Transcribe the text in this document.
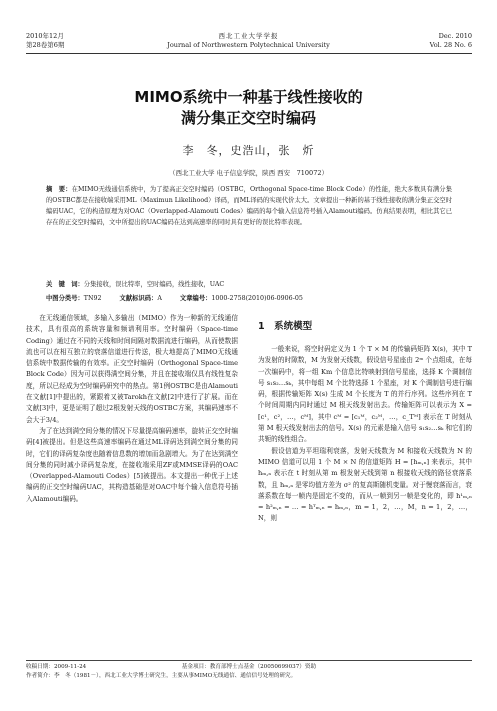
2010年12月
第28卷第6期
西北工业大学学报
Journal of Northwestern Polytechnical University
Dec. 2010
Vol. 28 No. 6
MIMO系统中一种基于线性接收的
满分集正交空时编码
李　冬，史浩山，张　炘
（西北工业大学 电子信息学院，陕西 西安　710072）
摘　要：在MIMO无线通信系统中，为了提高正交空时编码（OSTBC，Orthogonal Space-time Block Code）的性能，绝大多数具有满分集的OSTBC都是在接收端采用ML（Maximun Likelihood）译码，而ML译码的实现代价太大。文章提出一种新的基于线性接收的满分集正交空时编码UAC，它的构造原理为对OAC（Overlapped-Alamouti Codes）编码的每个输入信息符号插入Alamouti编码。仿真结果表明，相比其它已存在的正交空时编码，文中所提出的UAC编码在达到高速率的同时具有更好的误比特率表现。
关　键　词：分集接收，误比特率，空时编码，线性接收，UAC
中图分类号：TN92	文献标识码：A	文章编号：1000-2758(2010)06-0906-05

在无线通信领域，多输入多输出（MIMO）作为一种新的无线通信技术，具有很高的系统容量和频谱利用率。空时编码（Space-time Coding）通过在不同的天线和时间间隔对数据流进行编码，从而使数据流也可以在相互独立的衰落信道进行传送，极大地提高了MIMO无线通信系统中数据传输的有效率。正交空时编码（Orthogonal Space-time Block Code）因为可以获得满空间分集，并且在接收端仅具有线性复杂度，所以已经成为空时编码研究中的热点。第1例OSTBC是由Alamouti在文献[1]中提出的，紧跟着又被Tarokh在文献[2]中进行了扩展。而在文献[3]中，更是证明了超过2根发射天线的OSTBC方案，其编码速率不会大于3/4。

为了在达到满空间分集的情况下尽量提高编码速率，旋转正交空时编码[4]被提出。但是这些高速率编码在通过ML译码达到满空间分集的同时，它们的译码复杂度也随着信息数的增加而急剧增大。为了在达到满空间分集的同时减小译码复杂度，在接收端采用ZF或MMSE译码的OAC（Overlapped-Alamouti Codes）[5]被提出。本文提出一种优于上述编码的正交空时编码UAC，其构造基础是对OAC中每个输入信息符号插入Alamouti编码。

1　系统模型

一般来说，将空时码定义为 1 个 T × M 的传输码矩阵 X(s)，其中 T 为发射的时隙数，M 为发射天线数，假设信号星座由 2ᵐ 个点组成，在每一次编码中，将一组 Km 个信息比特映射到信号星座，选择 K 个调制信号 s₁s₂…sₖ，其中每组 M 个比特选择 1 个星座，对 K 个调制信号进行编码，根据传输矩阵 X(s) 生成 M 个长度为 T 的并行序列。这些序列在 T 个时间周期内同时通过 M 根天线发射出去。传输矩阵可以表示为 X = [c¹，c²，…，cᴹ]，其中 cᴹ = [c₁ᴹ，c₂ᴹ，…，c_Tᴹ] 表示在 T 时刻从第 M 根天线发射出去的信号。X(s) 的元素是输入信号 s₁s₂…sₖ 和它们的共轭的线性组合。

假设信道为平坦瑞利衰落，发射天线数为 M 和接收天线数为 N 的 MIMO 信道可以用 1 个 M × N 的信道矩阵 H = [hₘ,ₙ] 来表示，其中 hₘ,ₙ 表示在 t 时刻从第 m 根发射天线到第 n 根接收天线的路径衰落系数，且 hₘ,ₙ 是零均值方差为 σ² 的复高斯随机变量。对于慢衰落而言，衰落系数在每一帧内是固定不变的，而从一帧到另一帧是变化的，即 h¹ₘ,ₙ = h²ₘ,ₙ = … = hᵀₘ,ₙ = hₘ,ₙ，m = 1，2，…，M，n = 1，2，…，N，则

收稿日期：2009-11-24	基金项目：教育部博士点基金（20050699037）资助
作者简介：李　冬（1981－），西北工业大学博士研究生，主要从事MIMO无线通信、通信信号处理的研究。
